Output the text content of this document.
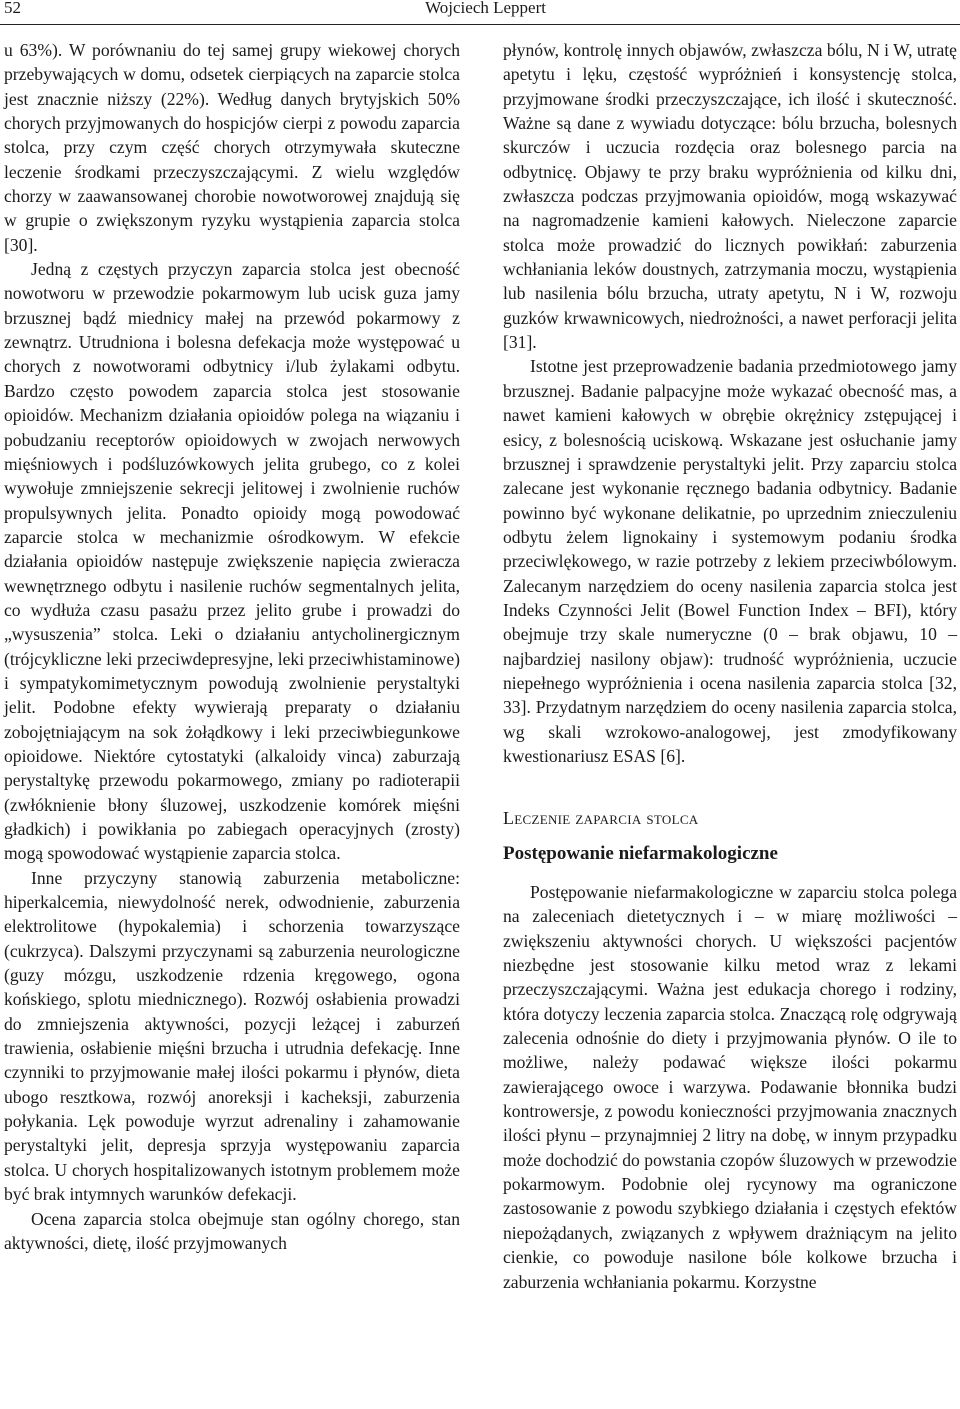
52	Wojciech Leppert

u 63%). W porównaniu do tej samej grupy wiekowej chorych przebywających w domu, odsetek cierpiących na zaparcie stolca jest znacznie niższy (22%). Według danych brytyjskich 50% chorych przyjmowanych do hospicjów cierpi z powodu zaparcia stolca, przy czym część chorych otrzymywała skuteczne leczenie środkami przeczyszczającymi. Z wielu względów chorzy w zaawansowanej chorobie nowotworowej znajdują się w grupie o zwiększonym ryzyku wystąpienia zaparcia stolca [30].

Jedną z częstych przyczyn zaparcia stolca jest obecność nowotworu w przewodzie pokarmowym lub ucisk guza jamy brzusznej bądź miednicy małej na przewód pokarmowy z zewnątrz. Utrudniona i bolesna defekacja może występować u chorych z nowotworami odbytnicy i/lub żylakami odbytu. Bardzo często powodem zaparcia stolca jest stosowanie opioidów. Mechanizm działania opioidów polega na wiązaniu i pobudzaniu receptorów opioidowych w zwojach nerwowych mięśniowych i podśluzówkowych jelita grubego, co z kolei wywołuje zmniejszenie sekrecji jelitowej i zwolnienie ruchów propulsywnych jelita. Ponadto opioidy mogą powodować zaparcie stolca w mechanizmie ośrodkowym. W efekcie działania opioidów następuje zwiększenie napięcia zwieracza wewnętrznego odbytu i nasilenie ruchów segmentalnych jelita, co wydłuża czasu pasażu przez jelito grube i prowadzi do „wysuszenia” stolca. Leki o działaniu antycholinergicznym (trójcykliczne leki przeciwdepresyjne, leki przeciwhistaminowe) i sympatykomimetycznym powodują zwolnienie perystaltyki jelit. Podobne efekty wywierają preparaty o działaniu zobojętniającym na sok żołądkowy i leki przeciwbiegunkowe opioidowe. Niektóre cytostatyki (alkaloidy vinca) zaburzają perystaltykę przewodu pokarmowego, zmiany po radioterapii (zwłóknienie błony śluzowej, uszkodzenie komórek mięśni gładkich) i powikłania po zabiegach operacyjnych (zrosty) mogą spowodować wystąpienie zaparcia stolca.

Inne przyczyny stanowią zaburzenia metaboliczne: hiperkalcemia, niewydolność nerek, odwodnienie, zaburzenia elektrolitowe (hypokalemia) i schorzenia towarzyszące (cukrzyca). Dalszymi przyczynami są zaburzenia neurologiczne (guzy mózgu, uszkodzenie rdzenia kręgowego, ogona końskiego, splotu miednicznego). Rozwój osłabienia prowadzi do zmniejszenia aktywności, pozycji leżącej i zaburzeń trawienia, osłabienie mięśni brzucha i utrudnia defekację. Inne czynniki to przyjmowanie małej ilości pokarmu i płynów, dieta ubogo resztkowa, rozwój anoreksji i kacheksji, zaburzenia połykania. Lęk powoduje wyrzut adrenaliny i zahamowanie perystaltyki jelit, depresja sprzyja występowaniu zaparcia stolca. U chorych hospitalizowanych istotnym problemem może być brak intymnych warunków defekacji.

Ocena zaparcia stolca obejmuje stan ogólny chorego, stan aktywności, dietę, ilość przyjmowanych

płynów, kontrolę innych objawów, zwłaszcza bólu, N i W, utratę apetytu i lęku, częstość wypróżnień i konsystencję stolca, przyjmowane środki przeczyszczające, ich ilość i skuteczność. Ważne są dane z wywiadu dotyczące: bólu brzucha, bolesnych skurczów i uczucia rozdęcia oraz bolesnego parcia na odbytnicę. Objawy te przy braku wypróżnienia od kilku dni, zwłaszcza podczas przyjmowania opioidów, mogą wskazywać na nagromadzenie kamieni kałowych. Nieleczone zaparcie stolca może prowadzić do licznych powikłań: zaburzenia wchłaniania leków doustnych, zatrzymania moczu, wystąpienia lub nasilenia bólu brzucha, utraty apetytu, N i W, rozwoju guzków krwawnicowych, niedrożności, a nawet perforacji jelita [31].

Istotne jest przeprowadzenie badania przedmiotowego jamy brzusznej. Badanie palpacyjne może wykazać obecność mas, a nawet kamieni kałowych w obrębie okrężnicy zstępującej i esicy, z bolesnością uciskową. Wskazane jest osłuchanie jamy brzusznej i sprawdzenie perystaltyki jelit. Przy zaparciu stolca zalecane jest wykonanie ręcznego badania odbytnicy. Badanie powinno być wykonane delikatnie, po uprzednim znieczuleniu odbytu żelem lignokainy i systemowym podaniu środka przeciwlękowego, w razie potrzeby z lekiem przeciwbólowym. Zalecanym narzędziem do oceny nasilenia zaparcia stolca jest Indeks Czynności Jelit (Bowel Function Index – BFI), który obejmuje trzy skale numeryczne (0 – brak objawu, 10 – najbardziej nasilony objaw): trudność wypróżnienia, uczucie niepełnego wypróżnienia i ocena nasilenia zaparcia stolca [32, 33]. Przydatnym narzędziem do oceny nasilenia zaparcia stolca, wg skali wzrokowo-analogowej, jest zmodyfikowany kwestionariusz ESAS [6].

Leczenie zaparcia stolca
Postępowanie niefarmakologiczne

Postępowanie niefarmakologiczne w zaparciu stolca polega na zaleceniach dietetycznych i – w miarę możliwości – zwiększeniu aktywności chorych. U większości pacjentów niezbędne jest stosowanie kilku metod wraz z lekami przeczyszczającymi. Ważna jest edukacja chorego i rodziny, która dotyczy leczenia zaparcia stolca. Znaczącą rolę odgrywają zalecenia odnośnie do diety i przyjmowania płynów. O ile to możliwe, należy podawać większe ilości pokarmu zawierającego owoce i warzywa. Podawanie błonnika budzi kontrowersje, z powodu konieczności przyjmowania znacznych ilości płynu – przynajmniej 2 litry na dobę, w innym przypadku może dochodzić do powstania czopów śluzowych w przewodzie pokarmowym. Podobnie olej rycynowy ma ograniczone zastosowanie z powodu szybkiego działania i częstych efektów niepożądanych, związanych z wpływem drażniącym na jelito cienkie, co powoduje nasilone bóle kolkowe brzucha i zaburzenia wchłaniania pokarmu. Korzystne
